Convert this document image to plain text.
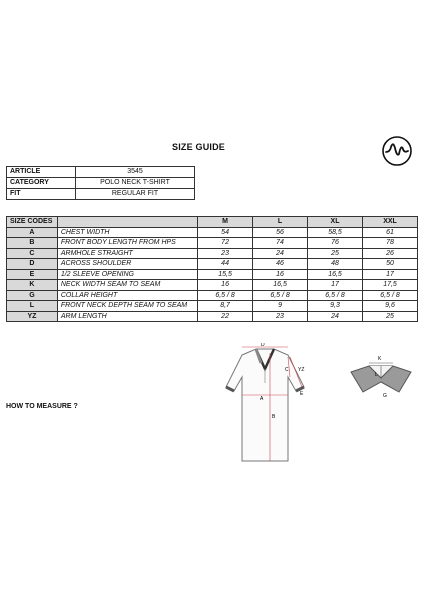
SIZE GUIDE
ARTICLE	3545
CATEGORY	POLO NECK T-SHIRT
FIT	REGULAR FIT
SIZE CODES		M	L	XL	XXL
A	CHEST WIDTH	54	56	58,5	61
B	FRONT BODY LENGTH FROM HPS	72	74	76	78
C	ARMHOLE STRAIGHT	23	24	25	26
D	ACROSS SHOULDER	44	46	48	50
E	1/2 SLEEVE OPENING	15,5	16	16,5	17
K	NECK WIDTH SEAM TO SEAM	16	16,5	17	17,5
G	COLLAR HEIGHT	6,5 / 8	6,5 / 8	6,5 / 8	6,5 / 8
L	FRONT NECK DEPTH SEAM TO SEAM	8,7	9	9,3	9,6
YZ	ARM LENGTH	22	23	24	25
HOW TO MEASURE ?
D
A
B
C
E
YZ
K
L
G
